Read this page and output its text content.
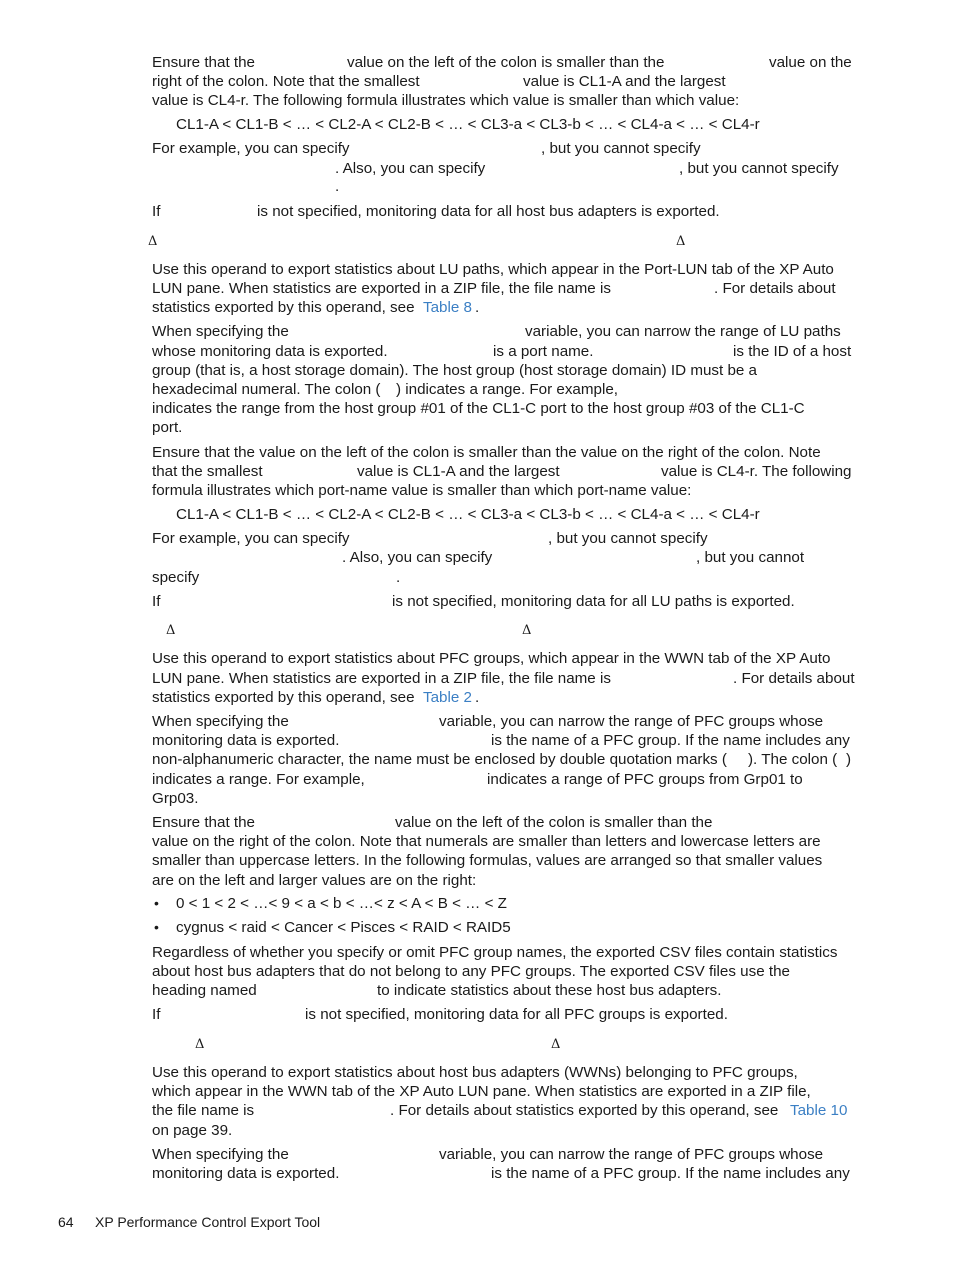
Ensure that the	value on the left of the colon is smaller than the	value on the
right of the colon. Note that the smallest	value is CL1-A and the largest
value is CL4-r. The following formula illustrates which value is smaller than which value:
CL1-A < CL1-B < … < CL2-A < CL2-B < … < CL3-a < CL3-b < … < CL4-a < … < CL4-r
For example, you can specify	, but you cannot specify
. Also, you can specify	, but you cannot specify
.
If	is not specified, monitoring data for all host bus adapters is exported.
Δ	Δ
Use this operand to export statistics about LU paths, which appear in the Port-LUN tab of the XP Auto
LUN pane. When statistics are exported in a ZIP file, the file name is	. For details about
statistics exported by this operand, see Table 8 .
When specifying the	variable, you can narrow the range of LU paths
whose monitoring data is exported.	is a port name.	is the ID of a host
group (that is, a host storage domain). The host group (host storage domain) ID must be a
hexadecimal numeral. The colon ( ) indicates a range. For example,
indicates the range from the host group #01 of the CL1-C port to the host group #03 of the CL1-C
port.
Ensure that the value on the left of the colon is smaller than the value on the right of the colon. Note
that the smallest	value is CL1-A and the largest	value is CL4-r. The following
formula illustrates which port-name value is smaller than which port-name value:
CL1-A < CL1-B < … < CL2-A < CL2-B < … < CL3-a < CL3-b < … < CL4-a < … < CL4-r
For example, you can specify	, but you cannot specify
. Also, you can specify	, but you cannot
specify	.
If	is not specified, monitoring data for all LU paths is exported.
Δ	Δ
Use this operand to export statistics about PFC groups, which appear in the WWN tab of the XP Auto
LUN pane. When statistics are exported in a ZIP file, the file name is	. For details about
statistics exported by this operand, see Table 2 .
When specifying the	variable, you can narrow the range of PFC groups whose
monitoring data is exported.	is the name of a PFC group. If the name includes any
non-alphanumeric character, the name must be enclosed by double quotation marks ( ). The colon ( )
indicates a range. For example,	indicates a range of PFC groups from Grp01 to
Grp03.
Ensure that the	value on the left of the colon is smaller than the
value on the right of the colon. Note that numerals are smaller than letters and lowercase letters are
smaller than uppercase letters. In the following formulas, values are arranged so that smaller values
are on the left and larger values are on the right:
• 0 < 1 < 2 < …< 9 < a < b < …< z < A < B < … < Z
• cygnus < raid < Cancer < Pisces < RAID < RAID5
Regardless of whether you specify or omit PFC group names, the exported CSV files contain statistics
about host bus adapters that do not belong to any PFC groups. The exported CSV files use the
heading named	to indicate statistics about these host bus adapters.
If	is not specified, monitoring data for all PFC groups is exported.
Δ	Δ
Use this operand to export statistics about host bus adapters (WWNs) belonging to PFC groups,
which appear in the WWN tab of the XP Auto LUN pane. When statistics are exported in a ZIP file,
the file name is	. For details about statistics exported by this operand, see Table 10
on page 39.
When specifying the	variable, you can narrow the range of PFC groups whose
monitoring data is exported.	is the name of a PFC group. If the name includes any
64 XP Performance Control Export Tool
